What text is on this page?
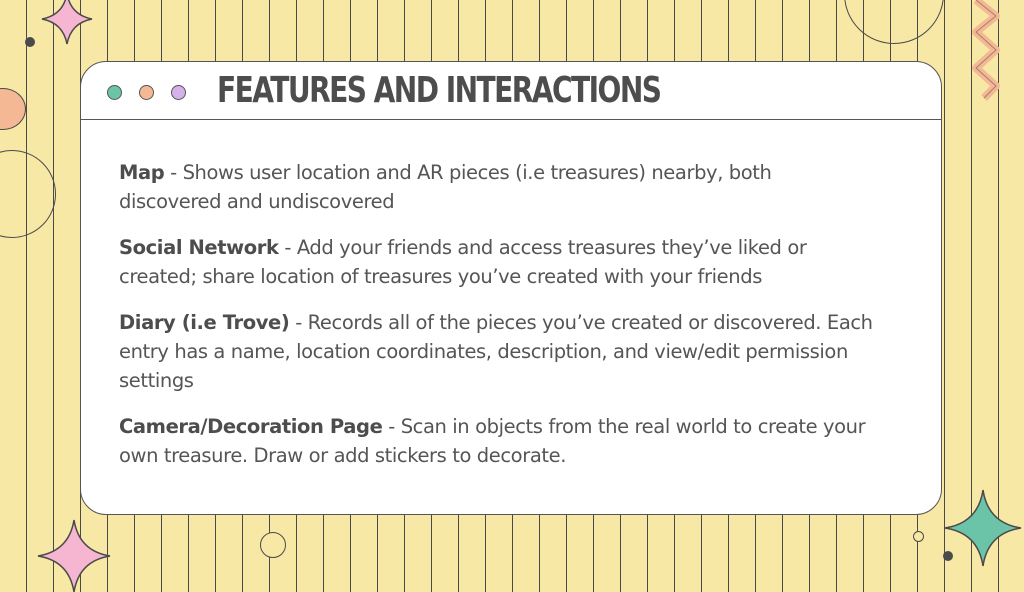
FEATURES AND INTERACTIONS

Map - Shows user location and AR pieces (i.e treasures) nearby, both discovered and undiscovered

Social Network - Add your friends and access treasures they’ve liked or created; share location of treasures you’ve created with your friends

Diary (i.e Trove) - Records all of the pieces you’ve created or discovered. Each entry has a name, location coordinates, description, and view/edit permission settings

Camera/Decoration Page - Scan in objects from the real world to create your own treasure. Draw or add stickers to decorate.
